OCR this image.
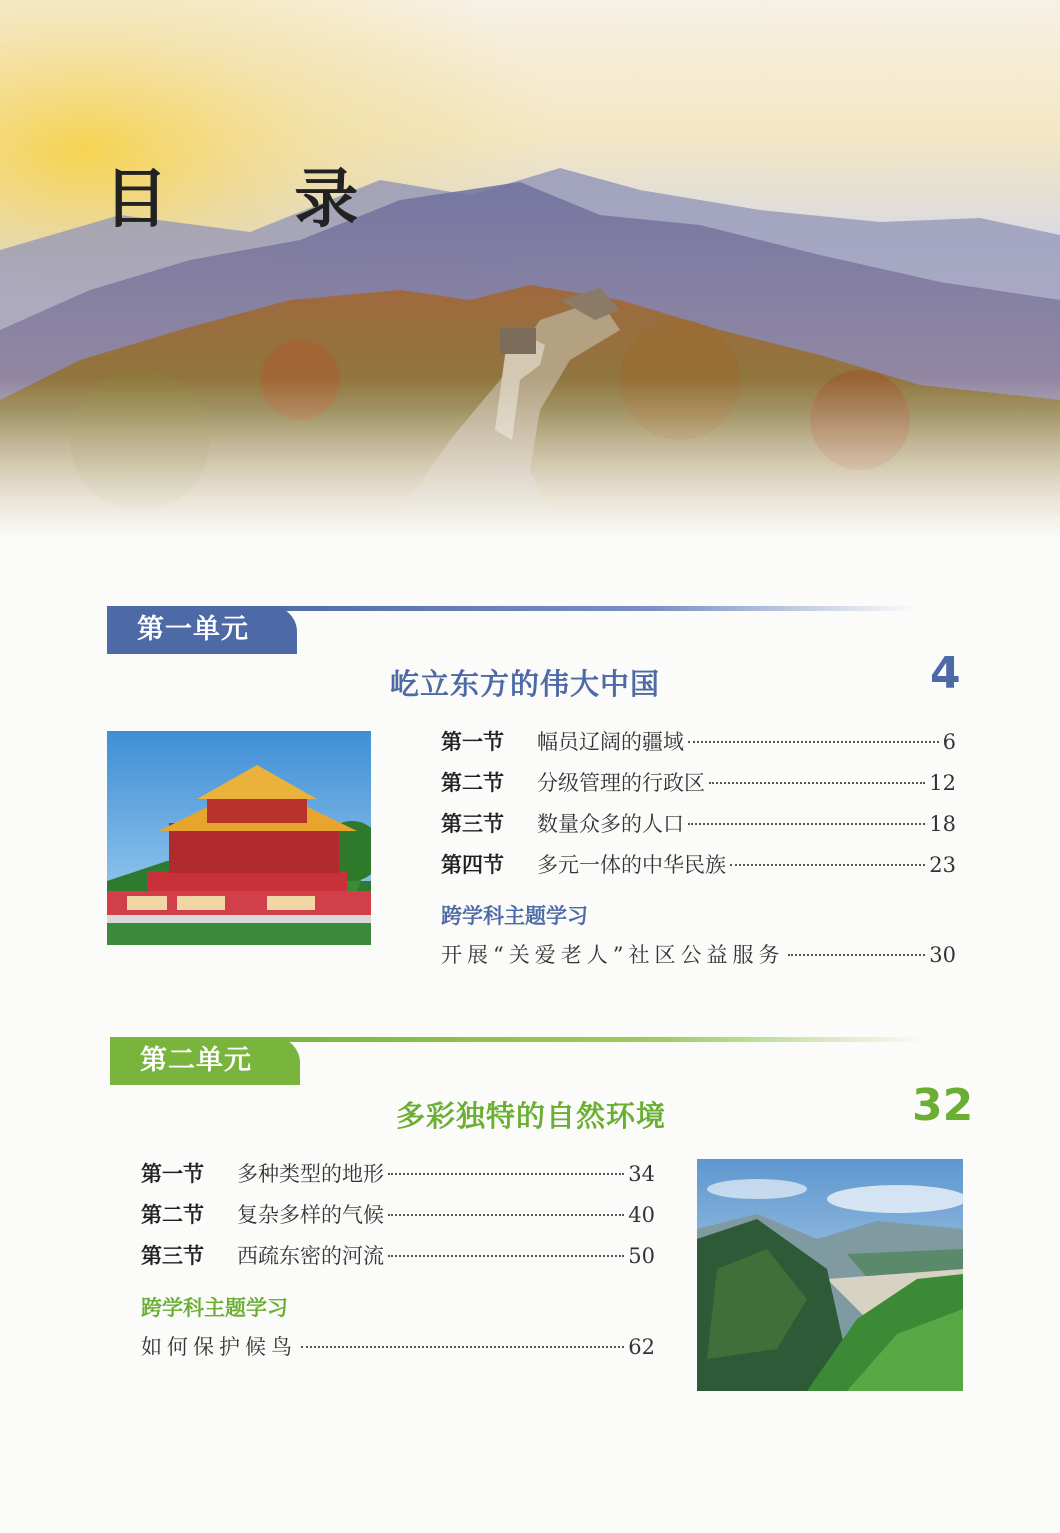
目 录
第一单元
屹立东方的伟大中国	4
第一节	幅员辽阔的疆域	6
第二节	分级管理的行政区	12
第三节	数量众多的人口	18
第四节	多元一体的中华民族	23
跨学科主题学习
开展“关爱老人”社区公益服务	30
第二单元
多彩独特的自然环境	32
第一节	多种类型的地形	34
第二节	复杂多样的气候	40
第三节	西疏东密的河流	50
跨学科主题学习
如何保护候鸟	62
